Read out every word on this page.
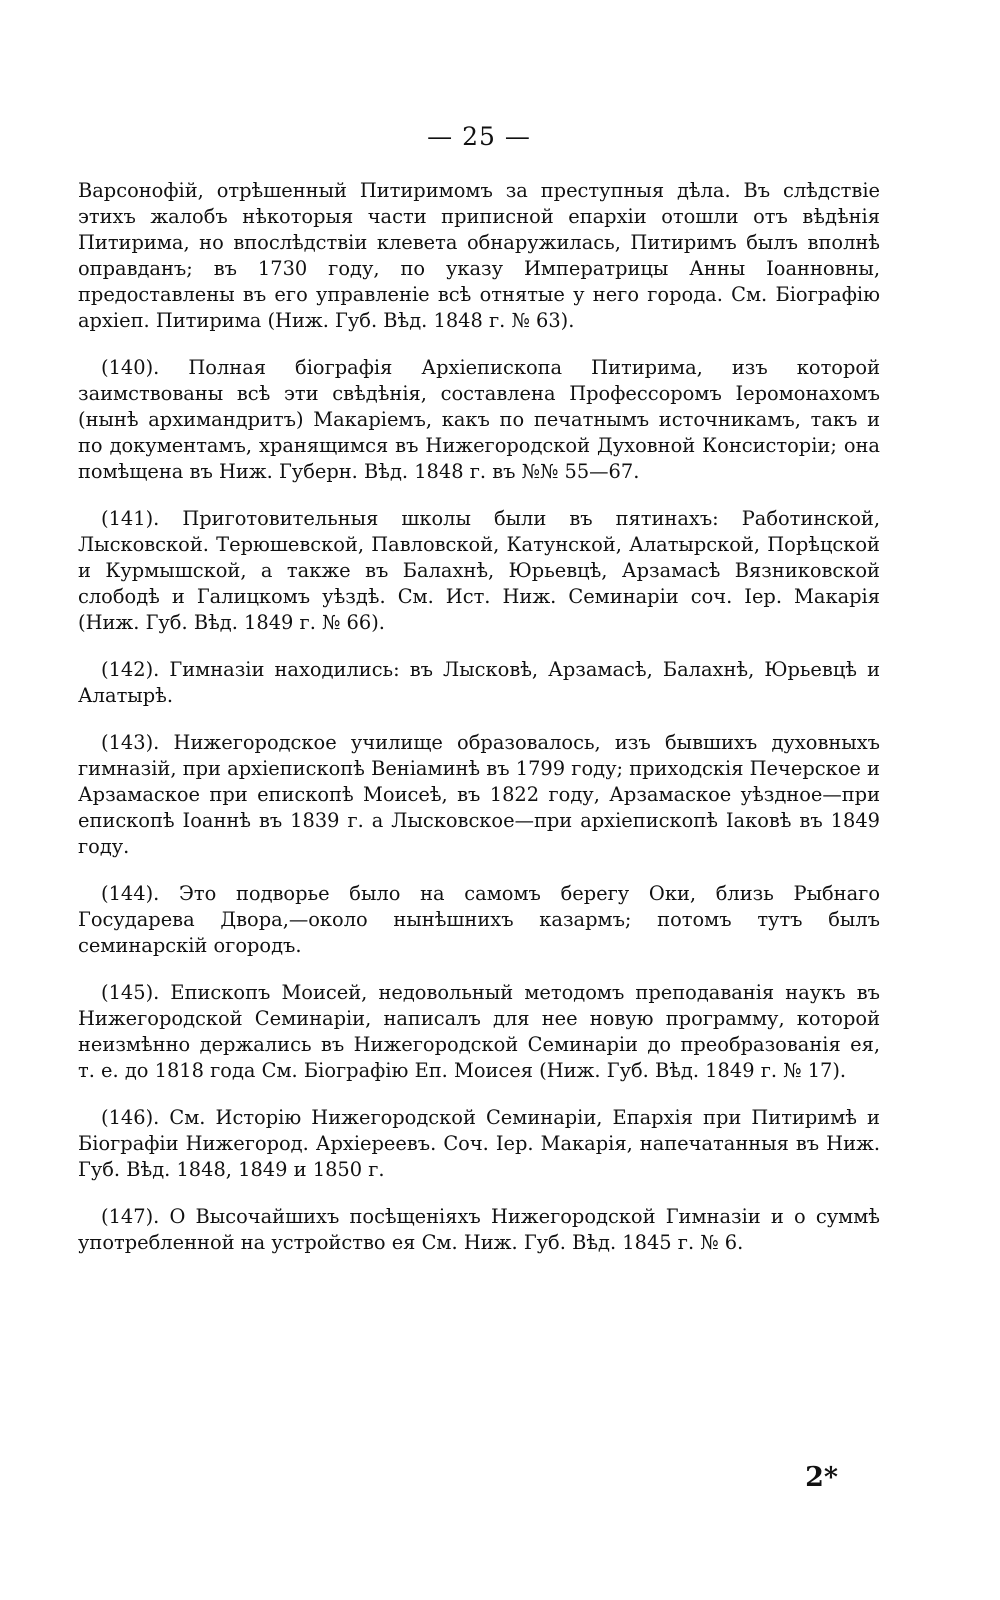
— 25 —

Варсонофій, отрѣшенный Питиримомъ за преступныя дѣла. Въ слѣдствіе этихъ жалобъ нѣкоторыя части приписной епархіи отошли отъ вѣдѣнія Питирима, но впослѣдствіи клевета обнаружилась, Питиримъ былъ вполнѣ оправданъ; въ 1730 году, по указу Императрицы Анны Іоанновны, предоставлены въ его управленіе всѣ отнятые у него города. См. Біографію архіеп. Питирима (Ниж. Губ. Вѣд. 1848 г. № 63).

(140). Полная біографія Архіепископа Питирима, изъ которой заимствованы всѣ эти свѣдѣнія, составлена Профессоромъ Іеромонахомъ (нынѣ архимандритъ) Макаріемъ, какъ по печатнымъ источникамъ, такъ и по документамъ, хранящимся въ Нижегородской Духовной Консисторіи; она помѣщена въ Ниж. Губерн. Вѣд. 1848 г. въ №№ 55—67.

(141). Приготовительныя школы были въ пятинахъ: Работинской, Лысковской. Терюшевской, Павловской, Катунской, Алатырской, Порѣцской и Курмышской, а также въ Балахнѣ, Юрьевцѣ, Арзамасѣ Вязниковской слободѣ и Галицкомъ уѣздѣ. См. Ист. Ниж. Семинаріи соч. Іер. Макарія (Ниж. Губ. Вѣд. 1849 г. № 66).

(142). Гимназіи находились: въ Лысковѣ, Арзамасѣ, Балахнѣ, Юрьевцѣ и Алатырѣ.

(143). Нижегородское училище образовалось, изъ бывшихъ духовныхъ гимназій, при архіепископѣ Веніаминѣ въ 1799 году; приходскія Печерское и Арзамаское при епископѣ Моисеѣ, въ 1822 году, Арзамаское уѣздное—при епископѣ Іоаннѣ въ 1839 г. а Лысковское—при архіепископѣ Іаковѣ въ 1849 году.

(144). Это подворье было на самомъ берегу Оки, близь Рыбнаго Государева Двора,—около нынѣшнихъ казармъ; потомъ тутъ былъ семинарскій огородъ.

(145). Епископъ Моисей, недовольный методомъ преподаванія наукъ въ Нижегородской Семинаріи, написалъ для нее новую программу, которой неизмѣнно держались въ Нижегородской Семинаріи до преобразованія ея, т. е. до 1818 года См. Біографію Еп. Моисея (Ниж. Губ. Вѣд. 1849 г. № 17).

(146). См. Исторію Нижегородской Семинаріи, Епархія при Питиримѣ и Біографіи Нижегород. Архіереевъ. Соч. Іер. Макарія, напечатанныя въ Ниж. Губ. Вѣд. 1848, 1849 и 1850 г.

(147). О Высочайшихъ посѣщеніяхъ Нижегородской Гимназіи и о суммѣ употребленной на устройство ея См. Ниж. Губ. Вѣд. 1845 г. № 6.

2*
